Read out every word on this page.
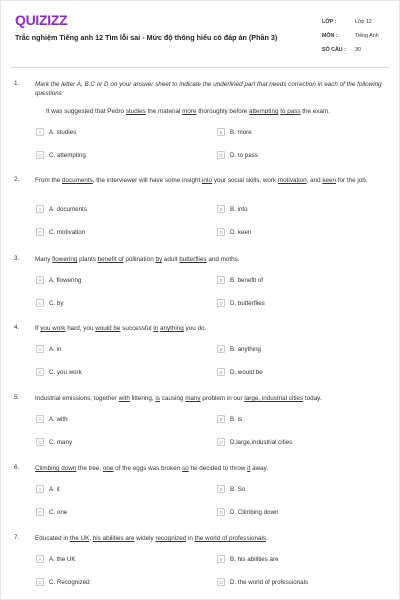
QUIZIZZ
Trắc nghiệm Tiếng anh 12 Tìm lỗi sai - Mức độ thông hiểu có đáp án (Phần 3)
LỚP :	Lớp 12
MÔN :	Tiếng Anh
SỐ CÂU :	30
1. Mark the letter A, B,C or D on your answer sheet to indicate the underlined part that needs correction in each of the following questions
It was suggested that Pedro studies the material more thoroughly before attempting to pass the exam.
A	A. studies	B	B. more
C	C. attempting	D	D. to pass
2. From the documents, the interviewer will have some insight into your social skills, work motivation, and keen for the job.
A	A. documents	B	B. into
C	C. motivation	D	D. keen
3. Many flowering plants benefit of pollination by adult butterflies and moths.
A	A. flowering	B	B. benefit of
C	C. by	D	D. butterflies
4. If you work hard, you would be successful in anything you do.
A	A. in	B	B. anything
C	C. you work	D	D. would be
5. Industrial emissions, together with littering, is causing many problem in our large, industrial cities today.
A	A. with	B	B. is
C	C. many	D	D.large,industrial cities
6. Climbing down the tree, one of the eggs was broken so he decided to throw it away.
A	A. it	B	B. So
C	C. one	D	D. Climbing down
7. Educated in the UK, his abilities are widely recognized in the world of professionals.
A	A. the UK	B	B. his abilities are
C	C. Recognized	D	D. the world of professionals
